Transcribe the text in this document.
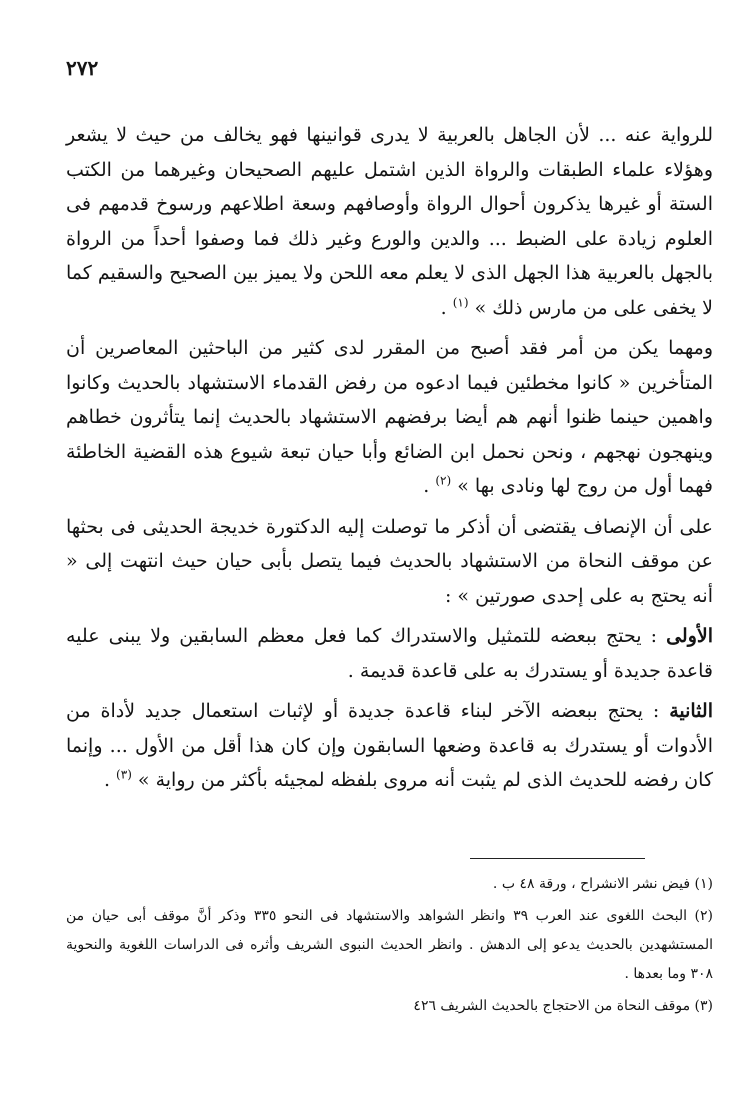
٢٧٢

للرواية عنه ... لأن الجاهل بالعربية لا يدرى قوانينها فهو يخالف من حيث لا يشعر وهؤلاء علماء الطبقات والرواة الذين اشتمل عليهم الصحيحان وغيرهما من الكتب الستة أو غيرها يذكرون أحوال الرواة وأوصافهم وسعة اطلاعهم ورسوخ قدمهم فى العلوم زيادة على الضبط ... والدين والورع وغير ذلك فما وصفوا أحداً من الرواة بالجهل بالعربية هذا الجهل الذى لا يعلم معه اللحن ولا يميز بين الصحيح والسقيم كما لا يخفى على من مارس ذلك » $^{(١)}$ .

ومهما يكن من أمر فقد أصبح من المقرر لدى كثير من الباحثين المعاصرين أن المتأخرين « كانوا مخطئين فيما ادعوه من رفض القدماء الاستشهاد بالحديث وكانوا واهمين حينما ظنوا أنهم هم أيضا برفضهم الاستشهاد بالحديث إنما يتأثرون خطاهم وينهجون نهجهم ، ونحن نحمل ابن الضائع وأبا حيان تبعة شيوع هذه القضية الخاطئة فهما أول من روج لها ونادى بها » $^{(٢)}$ .

على أن الإنصاف يقتضى أن أذكر ما توصلت إليه الدكتورة خديجة الحديثى فى بحثها عن موقف النحاة من الاستشهاد بالحديث فيما يتصل بأبى حيان حيث انتهت إلى « أنه يحتج به على إحدى صورتين » :

الأولى : يحتج ببعضه للتمثيل والاستدراك كما فعل معظم السابقين ولا يبنى عليه قاعدة جديدة أو يستدرك به على قاعدة قديمة .

الثانية : يحتج ببعضه الآخر لبناء قاعدة جديدة أو لإثبات استعمال جديد لأداة من الأدوات أو يستدرك به قاعدة وضعها السابقون وإن كان هذا أقل من الأول ... وإنما كان رفضه للحديث الذى لم يثبت أنه مروى بلفظه لمجيئه بأكثر من رواية » $^{(٣)}$ .

(١) فيض نشر الانشراح ، ورقة ٤٨ ب .

(٢) البحث اللغوى عند العرب ٣٩ وانظر الشواهد والاستشهاد فى النحو ٣٣٥ وذكر أنَّ موقف أبى حيان من المستشهدين بالحديث يدعو إلى الدهش . وانظر الحديث النبوى الشريف وأثره فى الدراسات اللغوية والنحوية ٣٠٨ وما بعدها .

(٣) موقف النحاة من الاحتجاج بالحديث الشريف ٤٢٦
